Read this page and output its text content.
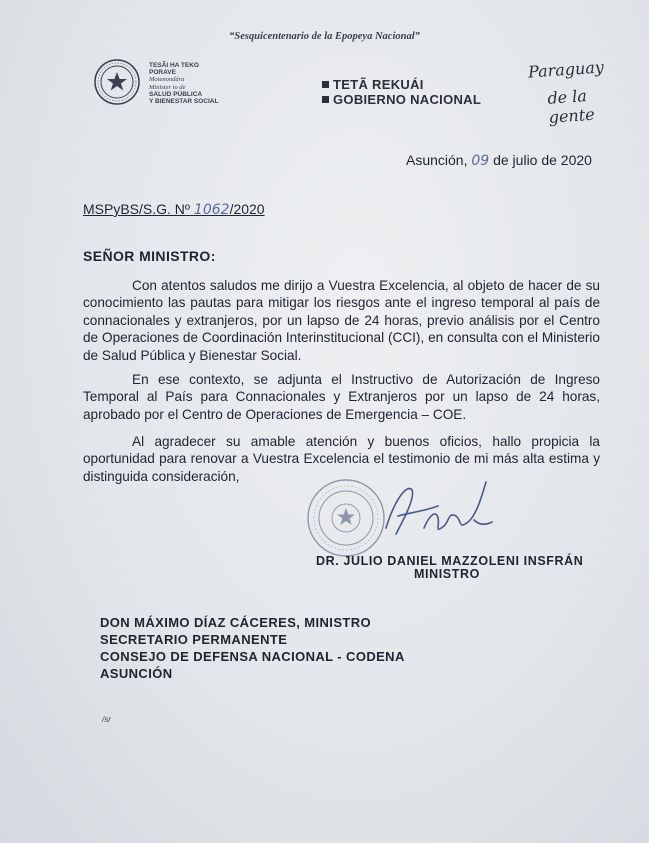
“Sesquicentenario de la Epopeya Nacional”
TESÃI HA TEKO
PORAVE
Motenondára
Minister io de
SALUD PÚBLICA
Y BIENESTAR SOCIAL
TETÃ REKUÁI
GOBIERNO NACIONAL
Paraguay
de la gente
Asunción, 09 de julio de 2020
MSPyBS/S.G. Nº 1062/2020
SEÑOR MINISTRO:
Con atentos saludos me dirijo a Vuestra Excelencia, al objeto de hacer de su conocimiento las pautas para mitigar los riesgos ante el ingreso temporal al país de connacionales y extranjeros, por un lapso de 24 horas, previo análisis por el Centro de Operaciones de Coordinación Interinstitucional (CCI), en consulta con el Ministerio de Salud Pública y Bienestar Social.
En ese contexto, se adjunta el Instructivo de Autorización de Ingreso Temporal al País para Connacionales y Extranjeros por un lapso de 24 horas, aprobado por el Centro de Operaciones de Emergencia – COE.
Al agradecer su amable atención y buenos oficios, hallo propicia la oportunidad para renovar a Vuestra Excelencia el testimonio de mi más alta estima y distinguida consideración,
DR. JULIO DANIEL MAZZOLENI INSFRÁN
MINISTRO
DON MÁXIMO DÍAZ CÁCERES, MINISTRO
SECRETARIO PERMANENTE
CONSEJO DE DEFENSA NACIONAL - CODENA
ASUNCIÓN
/sr
